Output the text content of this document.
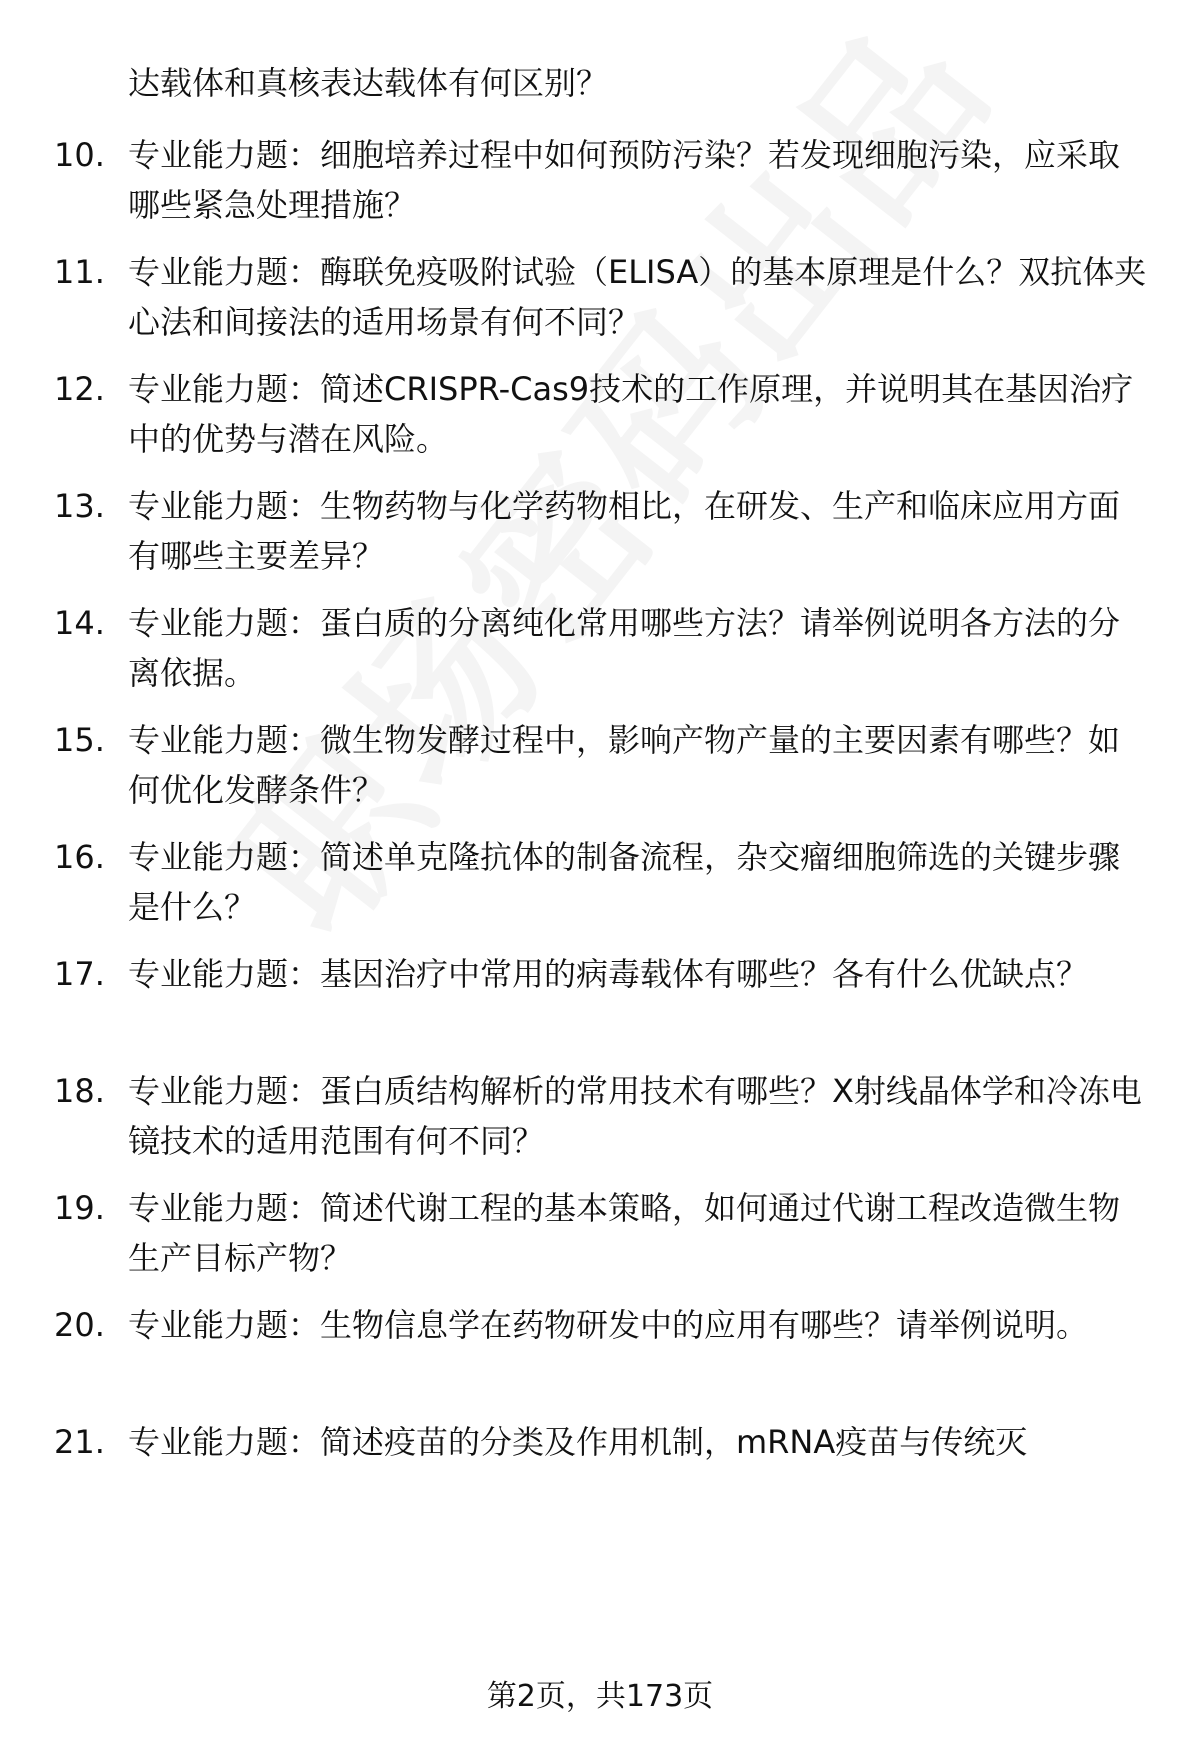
达载体和真核表达载体有何区别？
10. 专业能力题：细胞培养过程中如何预防污染？若发现细胞污染，应采取哪些紧急处理措施？
11. 专业能力题：酶联免疫吸附试验（ELISA）的基本原理是什么？双抗体夹心法和间接法的适用场景有何不同？
12. 专业能力题：简述CRISPR-Cas9技术的工作原理，并说明其在基因治疗中的优势与潜在风险。
13. 专业能力题：生物药物与化学药物相比，在研发、生产和临床应用方面有哪些主要差异？
14. 专业能力题：蛋白质的分离纯化常用哪些方法？请举例说明各方法的分离依据。
15. 专业能力题：微生物发酵过程中，影响产物产量的主要因素有哪些？如何优化发酵条件？
16. 专业能力题：简述单克隆抗体的制备流程，杂交瘤细胞筛选的关键步骤是什么？
17. 专业能力题：基因治疗中常用的病毒载体有哪些？各有什么优缺点？
18. 专业能力题：蛋白质结构解析的常用技术有哪些？X射线晶体学和冷冻电镜技术的适用范围有何不同？
19. 专业能力题：简述代谢工程的基本策略，如何通过代谢工程改造微生物生产目标产物？
20. 专业能力题：生物信息学在药物研发中的应用有哪些？请举例说明。
21. 专业能力题：简述疫苗的分类及作用机制，mRNA疫苗与传统灭
第2页，共173页
